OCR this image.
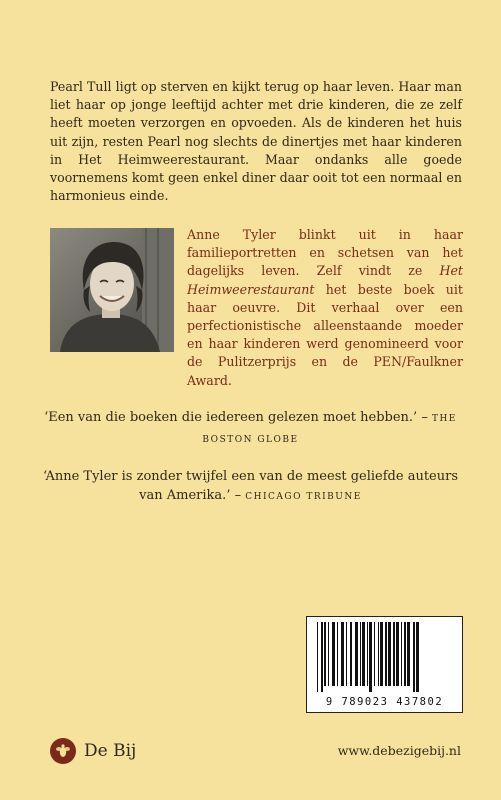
Pearl Tull ligt op sterven en kijkt terug op haar leven. Haar man liet haar op jonge leeftijd achter met drie kinderen, die ze zelf heeft moeten verzorgen en opvoeden. Als de kinderen het huis uit zijn, resten Pearl nog slechts de dinertjes met haar kinderen in Het Heimweerestaurant. Maar ondanks alle goede voornemens komt geen enkel diner daar ooit tot een normaal en harmonieus einde.

Anne Tyler blinkt uit in haar familieportretten en schetsen van het dagelijks leven. Zelf vindt ze Het Heimweerestaurant het beste boek uit haar oeuvre. Dit verhaal over een perfectionistische alleenstaande moeder en haar kinderen werd genomineerd voor de Pulitzerprijs en de PEN/Faulkner Award.

‘Een van die boeken die iedereen gelezen moet hebben.’ – THE BOSTON GLOBE

‘Anne Tyler is zonder twijfel een van de meest geliefde auteurs van Amerika.’ – CHICAGO TRIBUNE

9 789023 437802
De Bij	www.debezigebij.nl
